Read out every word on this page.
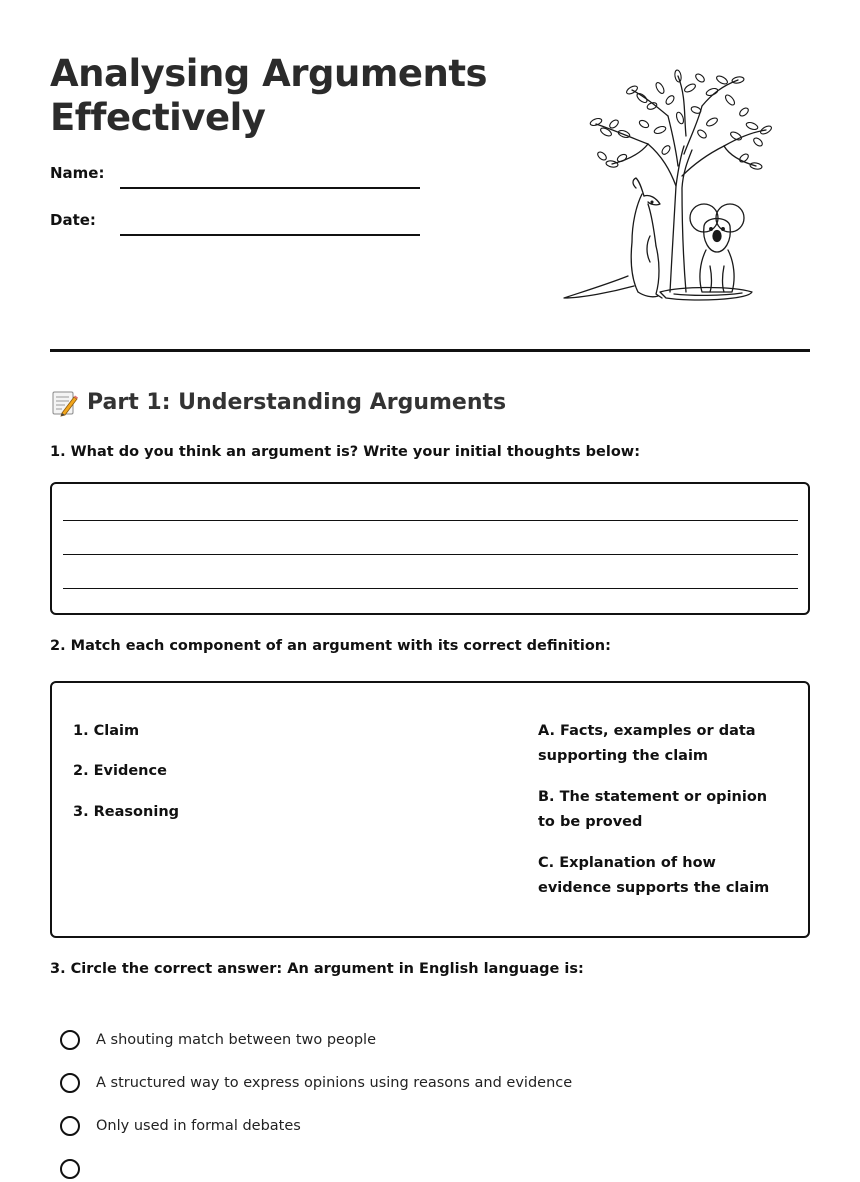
Analysing Arguments
Effectively
Name:
Date:
Part 1: Understanding Arguments

1. What do you think an argument is? Write your initial thoughts below:

2. Match each component of an argument with its correct definition:

1. Claim
2. Evidence
3. Reasoning
A. Facts, examples or data supporting the claim
B. The statement or opinion to be proved
C. Explanation of how evidence supports the claim

3. Circle the correct answer: An argument in English language is:

A shouting match between two people
A structured way to express opinions using reasons and evidence
Only used in formal debates
